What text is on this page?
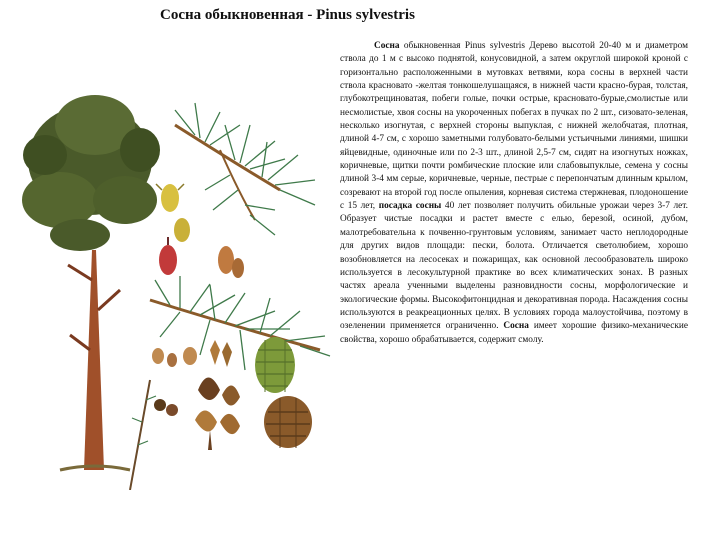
Сосна обыкновенная - Pinus sylvestris

Сосна обыкновенная Pinus sylvestris Дерево высотой 20-40 м и диаметром ствола до 1 м с высоко поднятой, конусовидной, а затем округлой широкой кроной с горизонтально расположенными в мутовках ветвями, кора сосны в верхней части ствола красновато -желтая тонкошелушащаяся, в нижней части красно-бурая, толстая, глубокотрещиноватая, побеги голые, почки острые, красновато-бурые,смолистые или несмолистые, хвоя сосны на укороченных побегах в пучках по 2 шт., сизовато-зеленая, несколько изогнутая, с верхней стороны выпуклая, с нижней желобчатая, плотная, длиной 4-7 см, с хорошо заметными голубовато-белыми устьичными линиями, шишки яйцевидные, одиночные или по 2-3 шт., длиной 2,5-7 см, сидят на изогнутых ножках, коричневые, щитки почти ромбические плоские или слабовыпуклые, семена у сосны длиной 3-4 мм серые, коричневые, черные, пестрые с перепончатым длинным крылом, созревают на второй год после опыления, корневая система стержневая, плодоношение с 15 лет, посадка сосны 40 лет позволяет получить обильные урожаи через 3-7 лет. Образует чистые посадки и растет вместе с елью, березой, осиной, дубом, малотребовательна к почвенно-грунтовым условиям, занимает часто неплодородные для других видов площади: пески, болота. Отличается светолюбием, хорошо возобновляется на лесосеках и пожарищах, как основной лесообразователь широко используется в лесокультурной практике во всех климатических зонах. В разных частях ареала ученными выделены разновидности сосны, морфологические и экологические формы. Высокофитонцидная и декоративная порода. Насаждения сосны используются в реакреационных целях. В условиях города малоустойчива, поэтому в озеленении применяется ограниченно. Сосна имеет хорошие физико-механические свойства, хорошо обрабатывается, содержит смолу.
